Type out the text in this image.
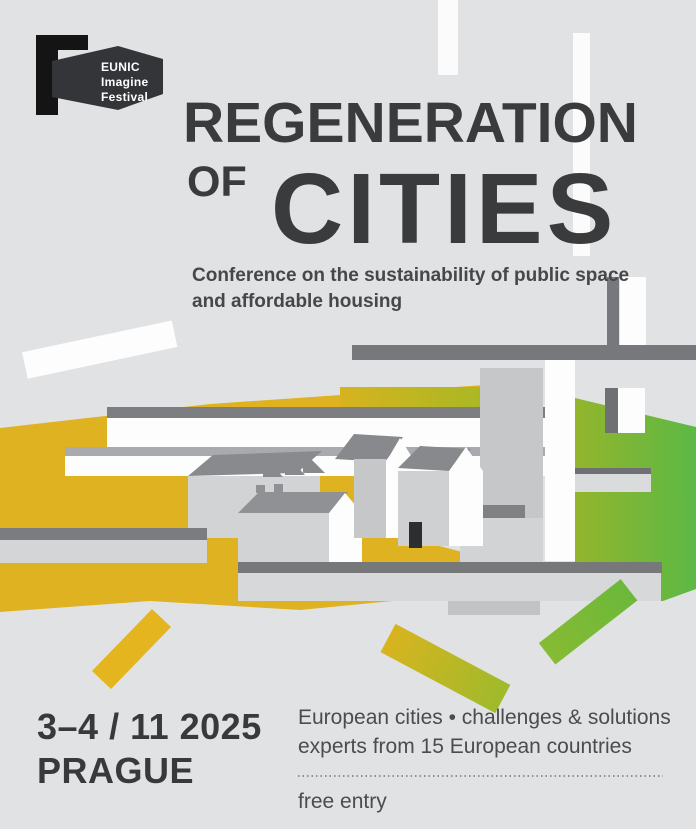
EUNIC
Imagine
Festival REGENERATION
OF CITIES
Conference on the sustainability of public space
and affordable housing
3–4 / 11 2025
PRAGUE
European cities • challenges & solutions
experts from 15 European countries
free entry
